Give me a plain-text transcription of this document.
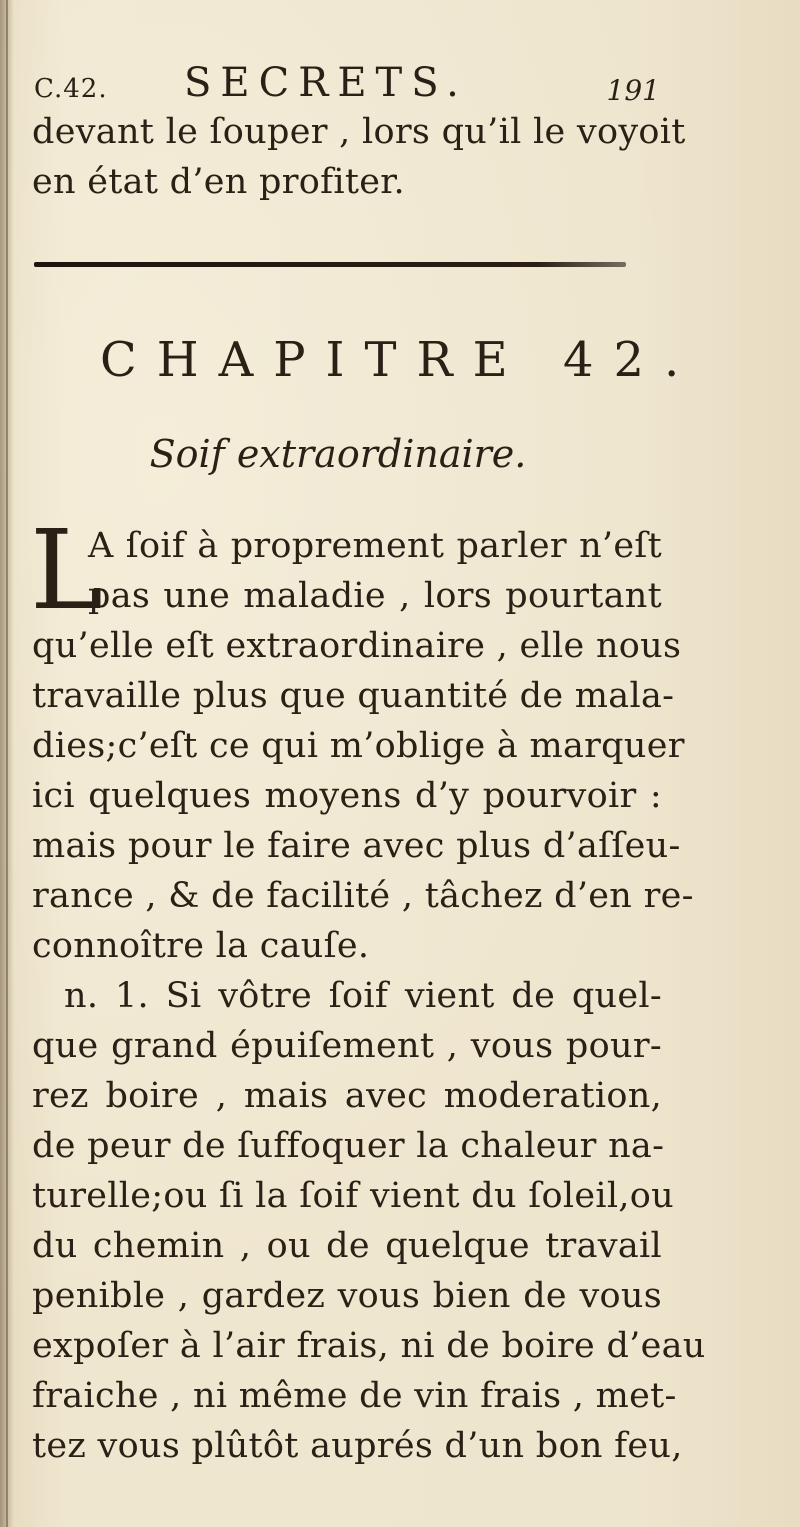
C.42. SECRETS.	191
devant le ſouper , lors qu’il le voyoit
en état d’en profiter.
CHAPITRE 42.
Soif extraordinaire.
L
A ſoif à proprement parler n’eſt
pas une maladie , lors pourtant
qu’elle eſt extraordinaire , elle nous
travaille plus que quantité de mala-
dies;c’eſt ce qui m’oblige à marquer
ici quelques moyens d’y pourvoir :
mais pour le faire avec plus d’aſſeu-
rance , & de facilité , tâchez d’en re-
connoître la cauſe.
n. 1. Si vôtre ſoif vient de quel-
que grand épuiſement , vous pour-
rez boire , mais avec moderation,
de peur de ſuffoquer la chaleur na-
turelle;ou ſi la ſoif vient du ſoleil,ou
du chemin , ou de quelque travail
penible , gardez vous bien de vous
expoſer à l’air frais, ni de boire d’eau
fraiche , ni même de vin frais , met-
tez vous plûtôt auprés d’un bon feu,
